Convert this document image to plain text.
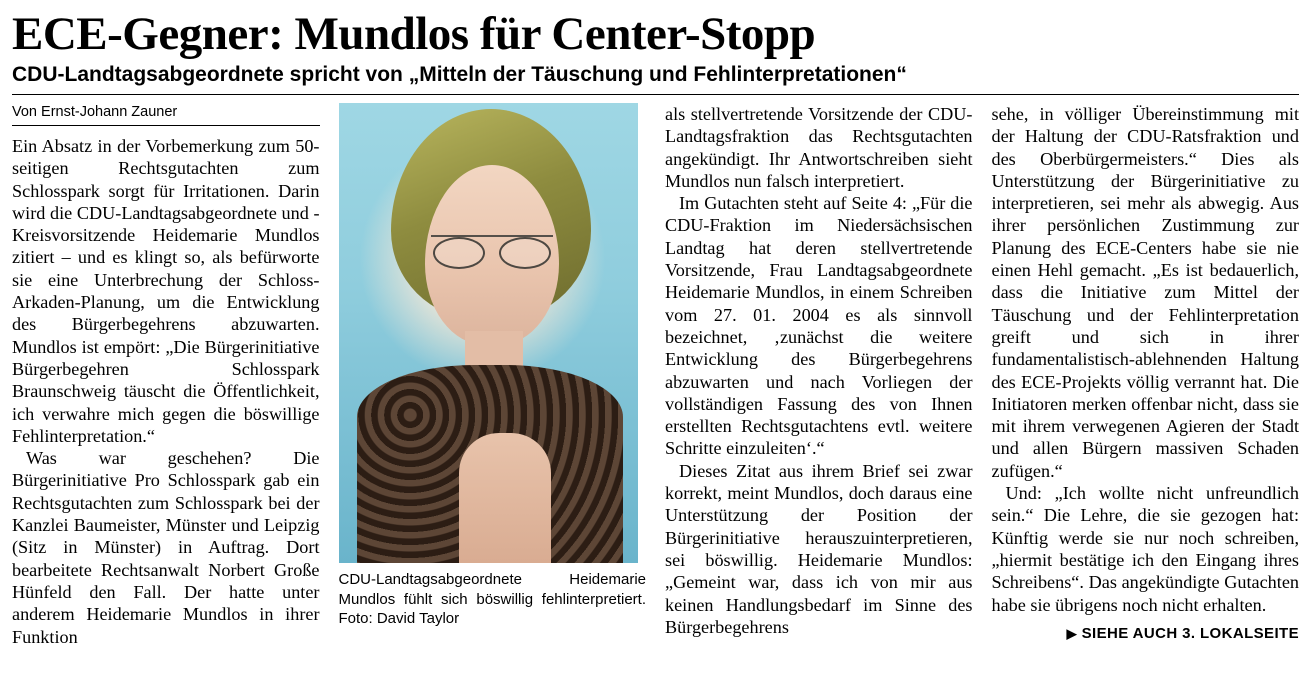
ECE-Gegner: Mundlos für Center-Stopp
CDU-Landtagsabgeordnete spricht von „Mitteln der Täuschung und Fehlinterpretationen“
Von Ernst-Johann Zauner

Ein Absatz in der Vorbemerkung zum 50-seitigen Rechtsgutachten zum Schlosspark sorgt für Irritationen. Darin wird die CDU-Landtagsabgeordnete und -Kreisvorsitzende Heidemarie Mundlos zitiert – und es klingt so, als befürworte sie eine Unterbrechung der Schloss-Arkaden-Planung, um die Entwicklung des Bürgerbegehrens abzuwarten. Mundlos ist empört: „Die Bürgerinitiative Bürgerbegehren Schlosspark Braunschweig täuscht die Öffentlichkeit, ich verwahre mich gegen die böswillige Fehlinterpretation.“

Was war geschehen? Die Bürgerinitiative Pro Schlosspark gab ein Rechtsgutachten zum Schlosspark bei der Kanzlei Baumeister, Münster und Leipzig (Sitz in Münster) in Auftrag. Dort bearbeitete Rechtsanwalt Norbert Große Hünfeld den Fall. Der hatte unter anderem Heidemarie Mundlos in ihrer Funktion

CDU-Landtagsabgeordnete Heidemarie Mundlos fühlt sich böswillig fehlinterpretiert. Foto: David Taylor

als stellvertretende Vorsitzende der CDU-Landtagsfraktion das Rechtsgutachten angekündigt. Ihr Antwortschreiben sieht Mundlos nun falsch interpretiert.

Im Gutachten steht auf Seite 4: „Für die CDU-Fraktion im Niedersächsischen Landtag hat deren stellvertretende Vorsitzende, Frau Landtagsabgeordnete Heidemarie Mundlos, in einem Schreiben vom 27. 01. 2004 es als sinnvoll bezeichnet, ‚zunächst die weitere Entwicklung des Bürgerbegehrens abzuwarten und nach Vorliegen der vollständigen Fassung des von Ihnen erstellten Rechtsgutachtens evtl. weitere Schritte einzuleiten‘.“

Dieses Zitat aus ihrem Brief sei zwar korrekt, meint Mundlos, doch daraus eine Unterstützung der Position der Bürgerinitiative herauszuinterpretieren, sei böswillig. Heidemarie Mundlos: „Gemeint war, dass ich von mir aus keinen Handlungsbedarf im Sinne des Bürgerbegehrens

sehe, in völliger Übereinstimmung mit der Haltung der CDU-Ratsfraktion und des Oberbürgermeisters.“ Dies als Unterstützung der Bürgerinitiative zu interpretieren, sei mehr als abwegig. Aus ihrer persönlichen Zustimmung zur Planung des ECE-Centers habe sie nie einen Hehl gemacht. „Es ist bedauerlich, dass die Initiative zum Mittel der Täuschung und der Fehlinterpretation greift und sich in ihrer fundamentalistisch-ablehnenden Haltung des ECE-Projekts völlig verrannt hat. Die Initiatoren merken offenbar nicht, dass sie mit ihrem verwegenen Agieren der Stadt und allen Bürgern massiven Schaden zufügen.“

Und: „Ich wollte nicht unfreundlich sein.“ Die Lehre, die sie gezogen hat: Künftig werde sie nur noch schreiben, „hiermit bestätige ich den Eingang ihres Schreibens“. Das angekündigte Gutachten habe sie übrigens noch nicht erhalten.

▶ SIEHE AUCH 3. LOKALSEITE
